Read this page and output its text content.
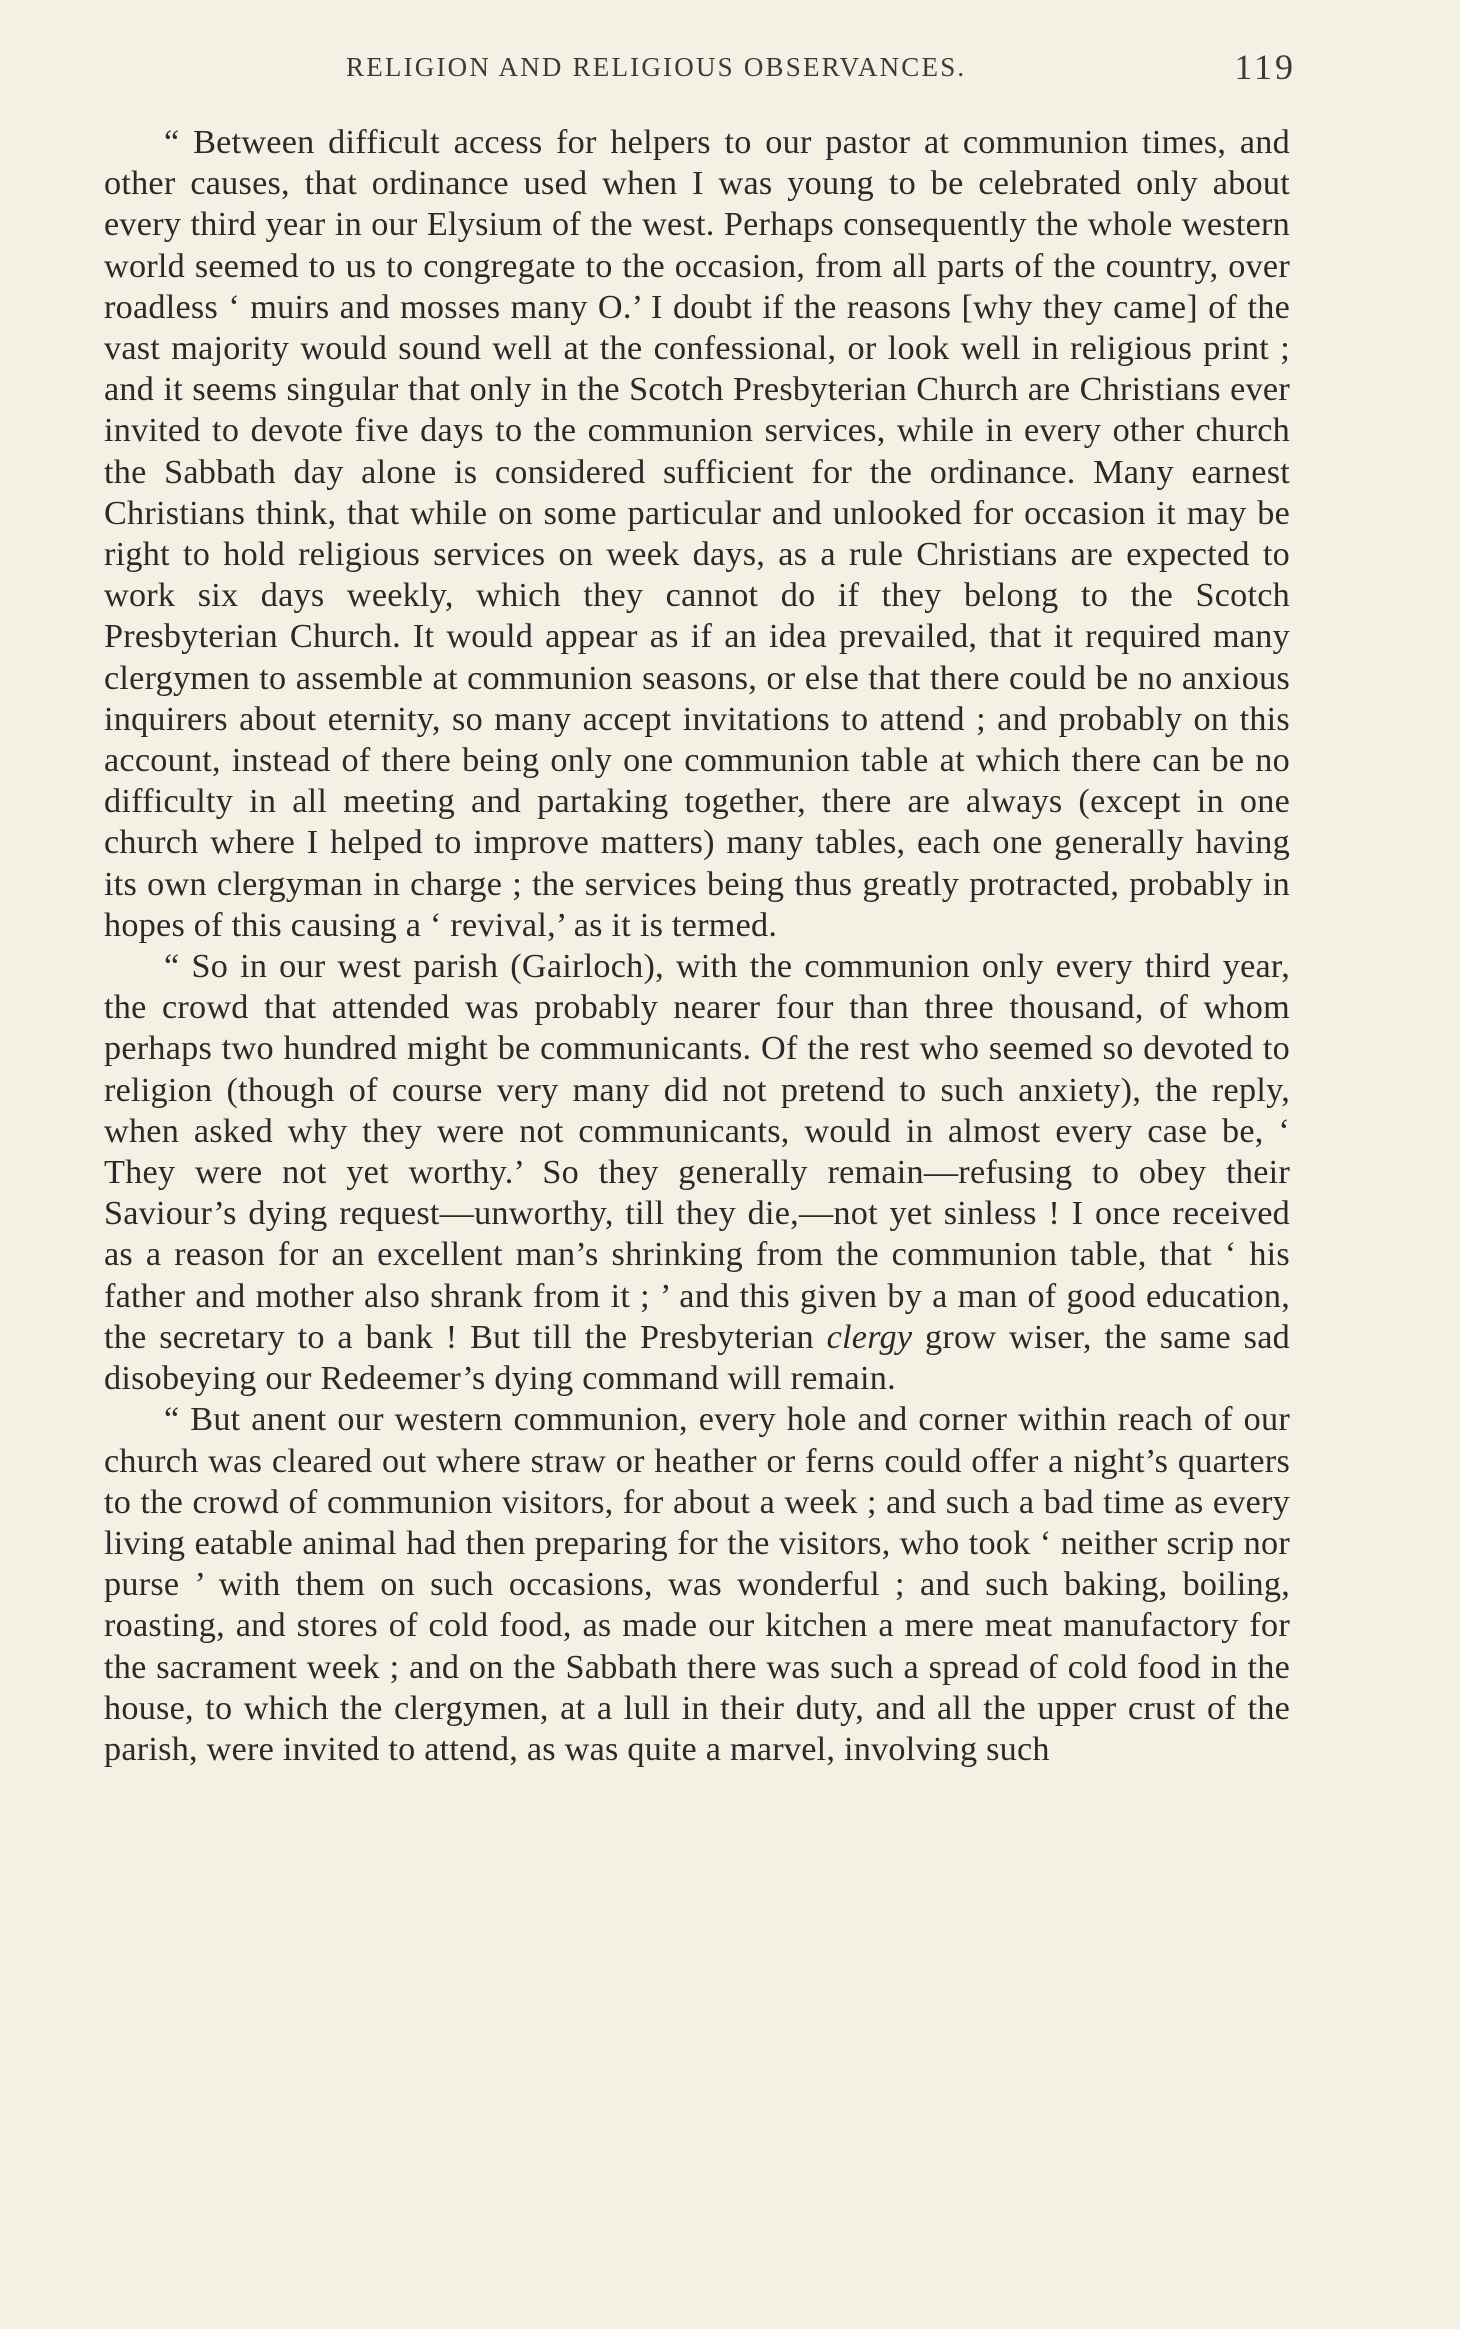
RELIGION AND RELIGIOUS OBSERVANCES.	119

“ Between difficult access for helpers to our pastor at communion times, and other causes, that ordinance used when I was young to be celebrated only about every third year in our Elysium of the west. Perhaps consequently the whole western world seemed to us to congregate to the occasion, from all parts of the country, over roadless ‘ muirs and mosses many O.’ I doubt if the reasons [why they came] of the vast majority would sound well at the confessional, or look well in religious print ; and it seems singular that only in the Scotch Presbyterian Church are Christians ever invited to devote five days to the communion services, while in every other church the Sabbath day alone is considered sufficient for the ordinance. Many earnest Christians think, that while on some particular and unlooked for occasion it may be right to hold religious services on week days, as a rule Christians are expected to work six days weekly, which they cannot do if they belong to the Scotch Presbyterian Church. It would appear as if an idea prevailed, that it required many clergymen to assemble at communion seasons, or else that there could be no anxious inquirers about eternity, so many accept invitations to attend ; and probably on this account, instead of there being only one communion table at which there can be no difficulty in all meeting and partaking together, there are always (except in one church where I helped to improve matters) many tables, each one generally having its own clergyman in charge ; the services being thus greatly protracted, probably in hopes of this causing a ‘ revival,’ as it is termed.

“ So in our west parish (Gairloch), with the communion only every third year, the crowd that attended was probably nearer four than three thousand, of whom perhaps two hundred might be communicants. Of the rest who seemed so devoted to religion (though of course very many did not pretend to such anxiety), the reply, when asked why they were not communicants, would in almost every case be, ‘ They were not yet worthy.’ So they generally remain—refusing to obey their Saviour’s dying request—unworthy, till they die,—not yet sinless ! I once received as a reason for an excellent man’s shrinking from the communion table, that ‘ his father and mother also shrank from it ; ’ and this given by a man of good education, the secretary to a bank ! But till the Presbyterian clergy grow wiser, the same sad disobeying our Redeemer’s dying command will remain.

“ But anent our western communion, every hole and corner within reach of our church was cleared out where straw or heather or ferns could offer a night’s quarters to the crowd of communion visitors, for about a week ; and such a bad time as every living eatable animal had then preparing for the visitors, who took ‘ neither scrip nor purse ’ with them on such occasions, was wonderful ; and such baking, boiling, roasting, and stores of cold food, as made our kitchen a mere meat manufactory for the sacrament week ; and on the Sabbath there was such a spread of cold food in the house, to which the clergymen, at a lull in their duty, and all the upper crust of the parish, were invited to attend, as was quite a marvel, involving such
